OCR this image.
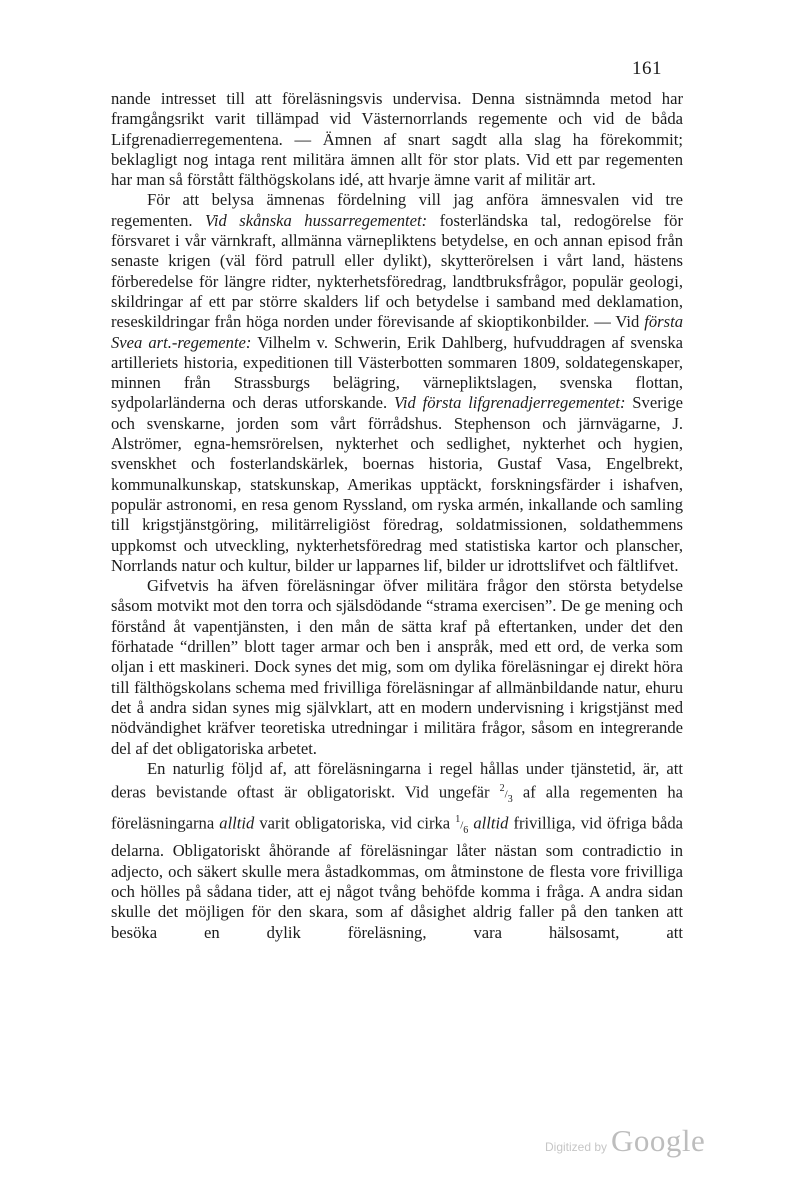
161

nande intresset till att föreläsningsvis undervisa. Denna sistnämnda metod har framgångsrikt varit tillämpad vid Västernorrlands regemente och vid de båda Lifgrenadierregementena. — Ämnen af snart sagdt alla slag ha förekommit; beklagligt nog intaga rent militära ämnen allt för stor plats. Vid ett par regementen har man så förstått fälthögskolans idé, att hvarje ämne varit af militär art.

För att belysa ämnenas fördelning vill jag anföra ämnesvalen vid tre regementen. Vid skånska hussarregementet: fosterländska tal, redogörelse för försvaret i vår värnkraft, allmänna värnepliktens betydelse, en och annan episod från senaste krigen (väl förd patrull eller dylikt), skytterörelsen i vårt land, hästens förberedelse för längre ridter, nykterhetsföredrag, landtbruksfrågor, populär geologi, skildringar af ett par större skalders lif och betydelse i samband med deklamation, reseskildringar från höga norden under förevisande af skioptikonbilder. — Vid första Svea art.-regemente: Vilhelm v. Schwerin, Erik Dahlberg, hufvuddragen af svenska artilleriets historia, expeditionen till Västerbotten sommaren 1809, soldategenskaper, minnen från Strassburgs belägring, värnepliktslagen, svenska flottan, sydpolarländerna och deras utforskande. Vid första lifgrenadjerregementet: Sverige och svenskarne, jorden som vårt förrådshus. Stephenson och järnvägarne, J. Alströmer, egna-hemsrörelsen, nykterhet och sedlighet, nykterhet och hygien, svenskhet och fosterlandskärlek, boernas historia, Gustaf Vasa, Engelbrekt, kommunalkunskap, statskunskap, Amerikas upptäckt, forskningsfärder i ishafven, populär astronomi, en resa genom Ryssland, om ryska armén, inkallande och samling till krigstjänstgöring, militärreligiöst föredrag, soldatmissionen, soldathemmens uppkomst och utveckling, nykterhetsföredrag med statistiska kartor och planscher, Norrlands natur och kultur, bilder ur lapparnes lif, bilder ur idrottslifvet och fältlifvet.

Gifvetvis ha äfven föreläsningar öfver militära frågor den största betydelse såsom motvikt mot den torra och själsdödande “strama exercisen”. De ge mening och förstånd åt vapentjänsten, i den mån de sätta kraf på eftertanken, under det den förhatade “drillen” blott tager armar och ben i anspråk, med ett ord, de verka som oljan i ett maskineri. Dock synes det mig, som om dylika föreläsningar ej direkt höra till fälthögskolans schema med frivilliga föreläsningar af allmänbildande natur, ehuru det å andra sidan synes mig självklart, att en modern undervisning i krigstjänst med nödvändighet kräfver teoretiska utredningar i militära frågor, såsom en integrerande del af det obligatoriska arbetet.

En naturlig följd af, att föreläsningarna i regel hållas under tjänstetid, är, att deras bevistande oftast är obligatoriskt. Vid ungefär $^2/_3$ af alla regementen ha föreläsningarna alltid varit obligatoriska, vid cirka $^1/_6$ alltid frivilliga, vid öfriga båda delarna. Obligatoriskt åhörande af föreläsningar låter nästan som contradictio in adjecto, och säkert skulle mera åstadkommas, om åtminstone de flesta vore frivilliga och hölles på sådana tider, att ej något tvång behöfde komma i fråga. A andra sidan skulle det möjligen för den skara, som af dåsighet aldrig faller på den tanken att besöka en dylik föreläsning, vara hälsosamt, att

Digitized by Google
